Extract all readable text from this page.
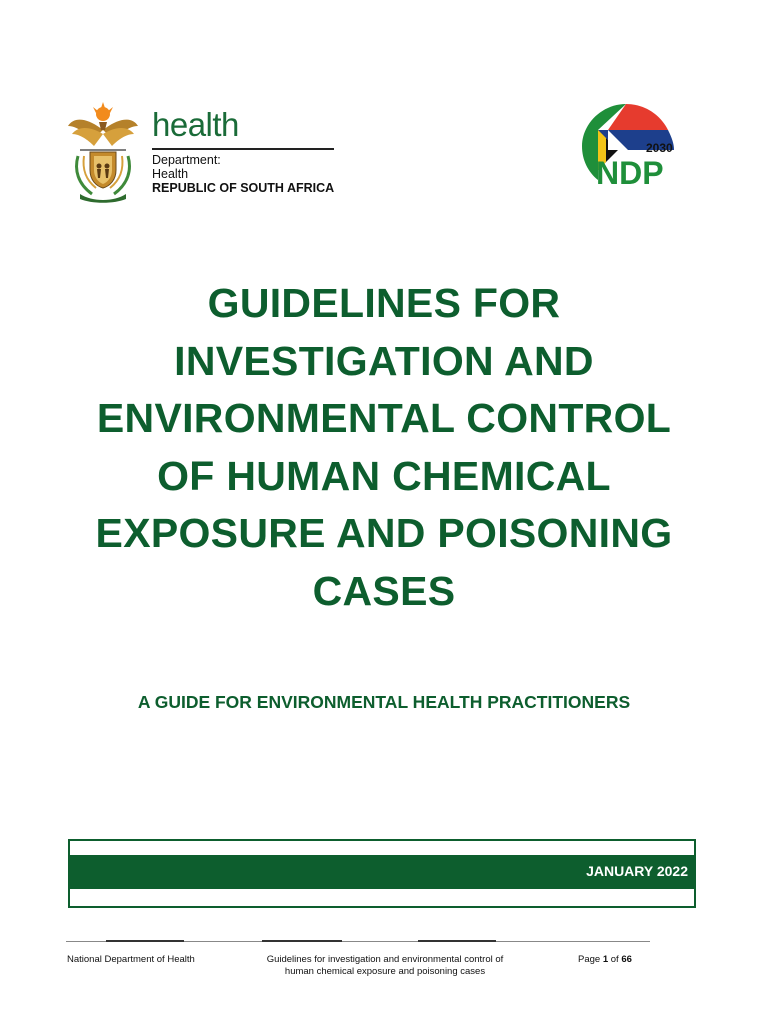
health
Department:
Health
REPUBLIC OF SOUTH AFRICA
2030
NDP
GUIDELINES FOR
INVESTIGATION AND
ENVIRONMENTAL CONTROL
OF HUMAN CHEMICAL
EXPOSURE AND POISONING
CASES
A GUIDE FOR ENVIRONMENTAL HEALTH PRACTITIONERS
JANUARY 2022
National Department of Health	Guidelines for investigation and environmental control of
human chemical exposure and poisoning cases
Page 1 of 66
